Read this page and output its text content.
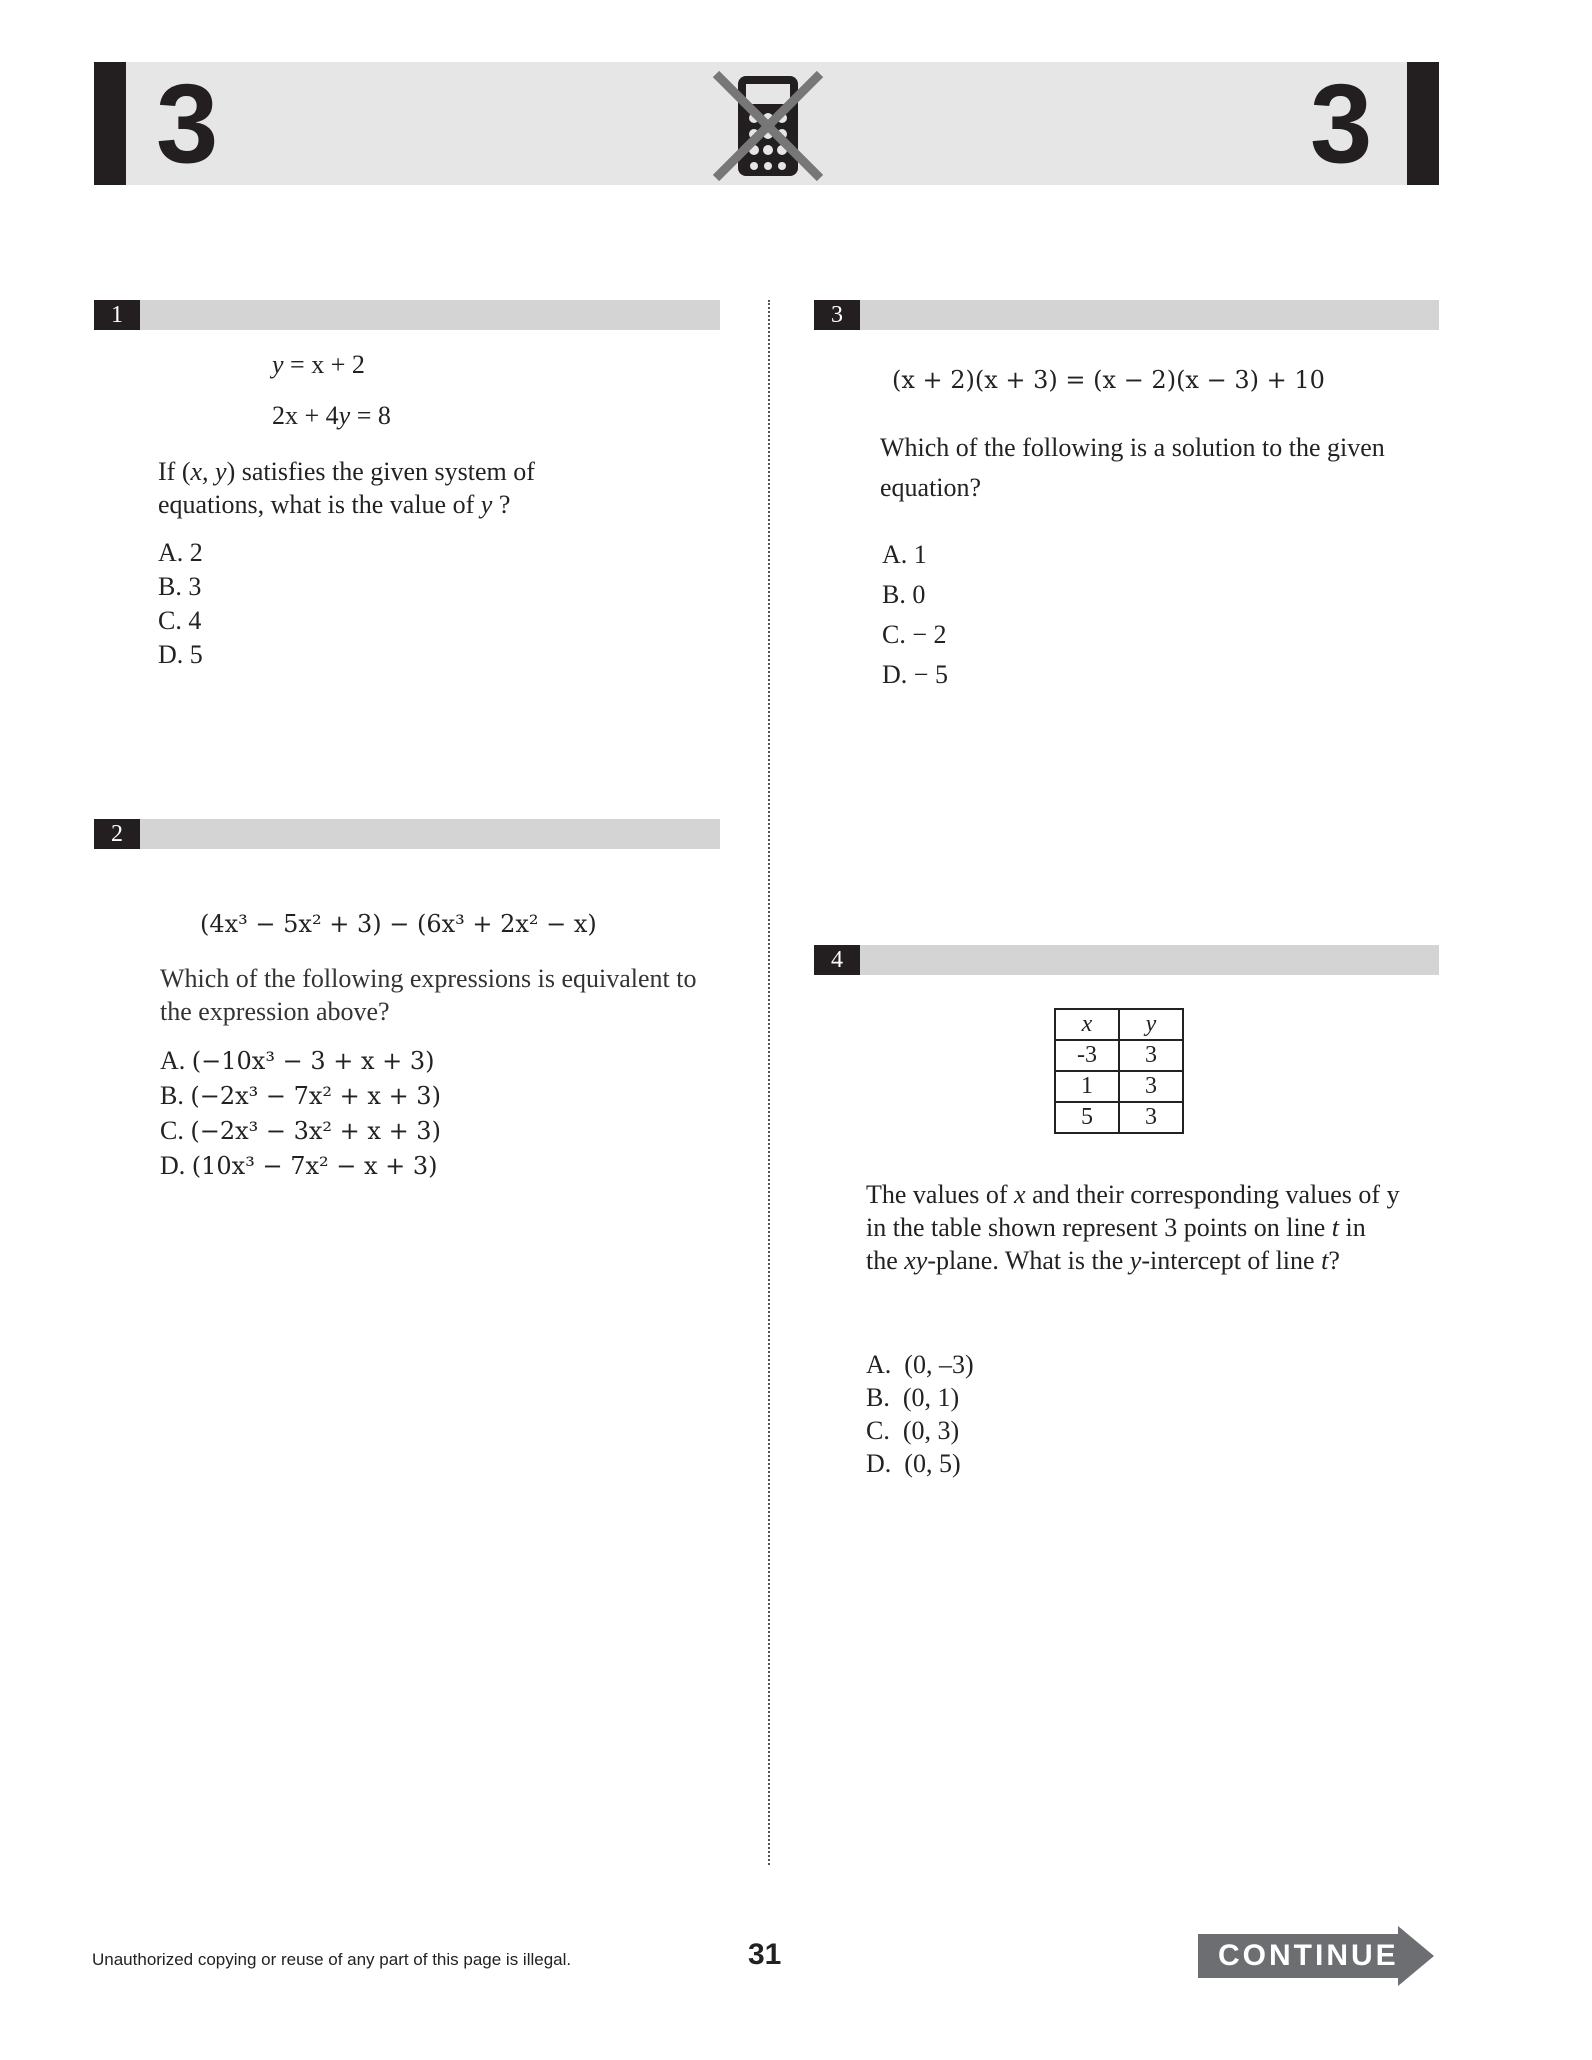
3	3
1
y = x + 2
2x + 4y = 8
If (x, y) satisfies the given system of equations, what is the value of y ?
A. 2
B. 3
C. 4
D. 5
2
(4x³ − 5x² + 3) − (6x³ + 2x² − x)
Which of the following expressions is equivalent to the expression above?
A. (−10x³ − 3 + x + 3)
B. (−2x³ − 7x² + x + 3)
C. (−2x³ − 3x² + x + 3)
D. (10x³ − 7x² − x + 3)
3
(x + 2)(x + 3) = (x − 2)(x − 3) + 10
Which of the following is a solution to the given equation?
A. 1
B. 0
C. − 2
D. − 5
4
x	y
-3	3
1	3
5	3
The values of x and their corresponding values of y in the table shown represent 3 points on line t in the xy-plane. What is the y-intercept of line t?
A. (0, –3)
B. (0, 1)
C. (0, 3)
D. (0, 5)
Unauthorized copying or reuse of any part of this page is illegal.	31	CONTINUE
